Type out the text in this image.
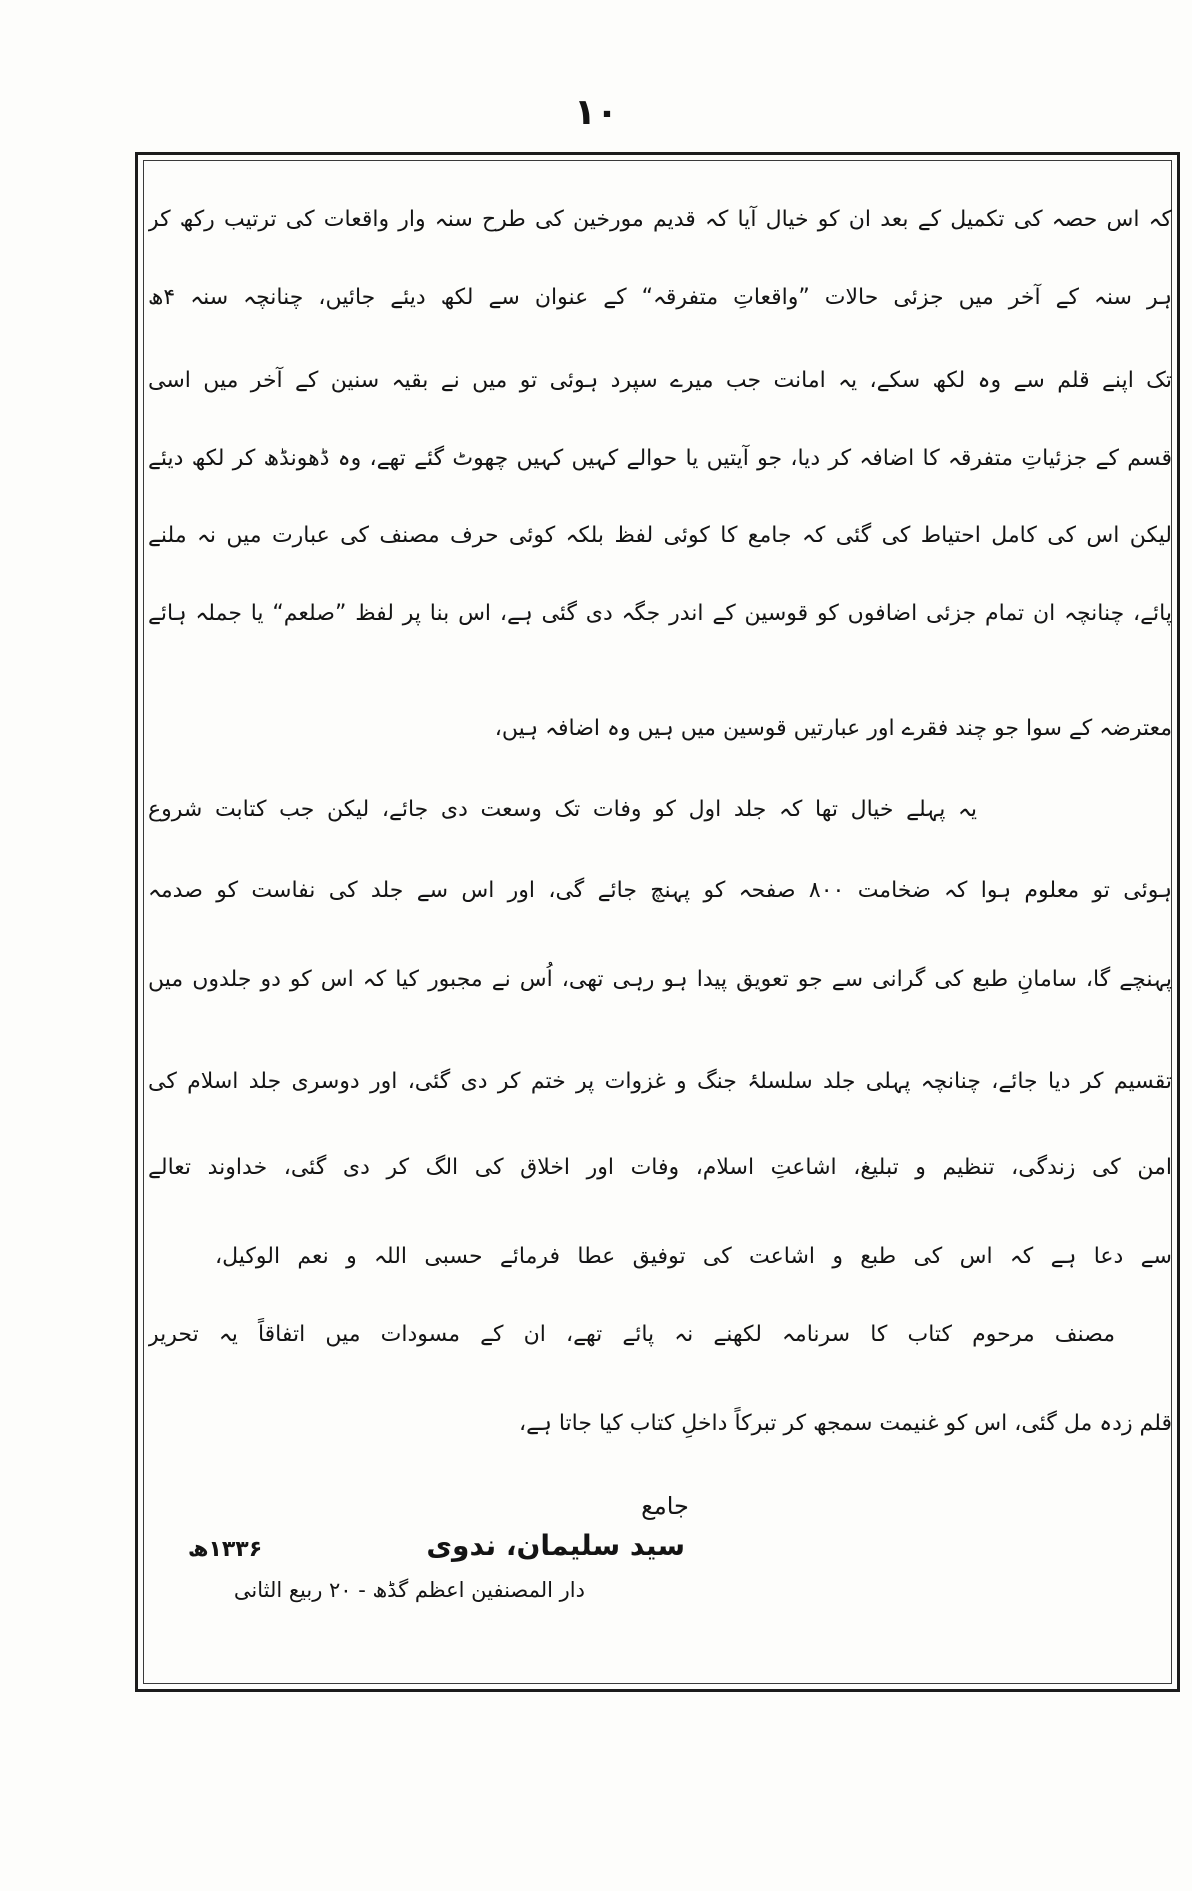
۱۰
کہ اس حصہ کی تکمیل کے بعد ان کو خیال آیا کہ قدیم مورخین کی طرح سنہ وار واقعات کی ترتیب رکھ کر
ہر سنہ کے آخر میں جزئی حالات ”واقعاتِ متفرقہ“ کے عنوان سے لکھ دیئے جائیں، چنانچہ سنہ ۴ھ
تک اپنے قلم سے وہ لکھ سکے، یہ امانت جب میرے سپرد ہوئی تو میں نے بقیہ سنین کے آخر میں اسی
قسم کے جزئیاتِ متفرقہ کا اضافہ کر دیا، جو آیتیں یا حوالے کہیں کہیں چھوٹ گئے تھے، وہ ڈھونڈھ کر لکھ دیئے
لیکن اس کی کامل احتیاط کی گئی کہ جامع کا کوئی لفظ بلکہ کوئی حرف مصنف کی عبارت میں نہ ملنے
پائے، چنانچہ ان تمام جزئی اضافوں کو قوسین کے اندر جگہ دی گئی ہے، اس بنا پر لفظ ”صلعم“ یا جملہ ہائے
معترضہ کے سوا جو چند فقرے اور عبارتیں قوسین میں ہیں وہ اضافہ ہیں،
یہ پہلے خیال تھا کہ جلد اول کو وفات تک وسعت دی جائے، لیکن جب کتابت شروع
ہوئی تو معلوم ہوا کہ ضخامت ۸۰۰ صفحہ کو پہنچ جائے گی، اور اس سے جلد کی نفاست کو صدمہ
پہنچے گا، سامانِ طبع کی گرانی سے جو تعویق پیدا ہو رہی تھی، اُس نے مجبور کیا کہ اس کو دو جلدوں میں
تقسیم کر دیا جائے، چنانچہ پہلی جلد سلسلۂ جنگ و غزوات پر ختم کر دی گئی، اور دوسری جلد اسلام کی
امن کی زندگی، تنظیم و تبلیغ، اشاعتِ اسلام، وفات اور اخلاق کی الگ کر دی گئی، خداوند تعالے
سے دعا ہے کہ اس کی طبع و اشاعت کی توفیق عطا فرمائے حسبی اللہ و نعم الوکیل،
مصنف مرحوم کتاب کا سرنامہ لکھنے نہ پائے تھے، ان کے مسودات میں اتفاقاً یہ تحریر
قلم زدہ مل گئی، اس کو غنیمت سمجھ کر تبرکاً داخلِ کتاب کیا جاتا ہے،
جامع
سید سلیمان، ندوی
دار المصنفین اعظم گڈھ - ۲۰ ربیع الثانی
۱۳۳۶ھ
